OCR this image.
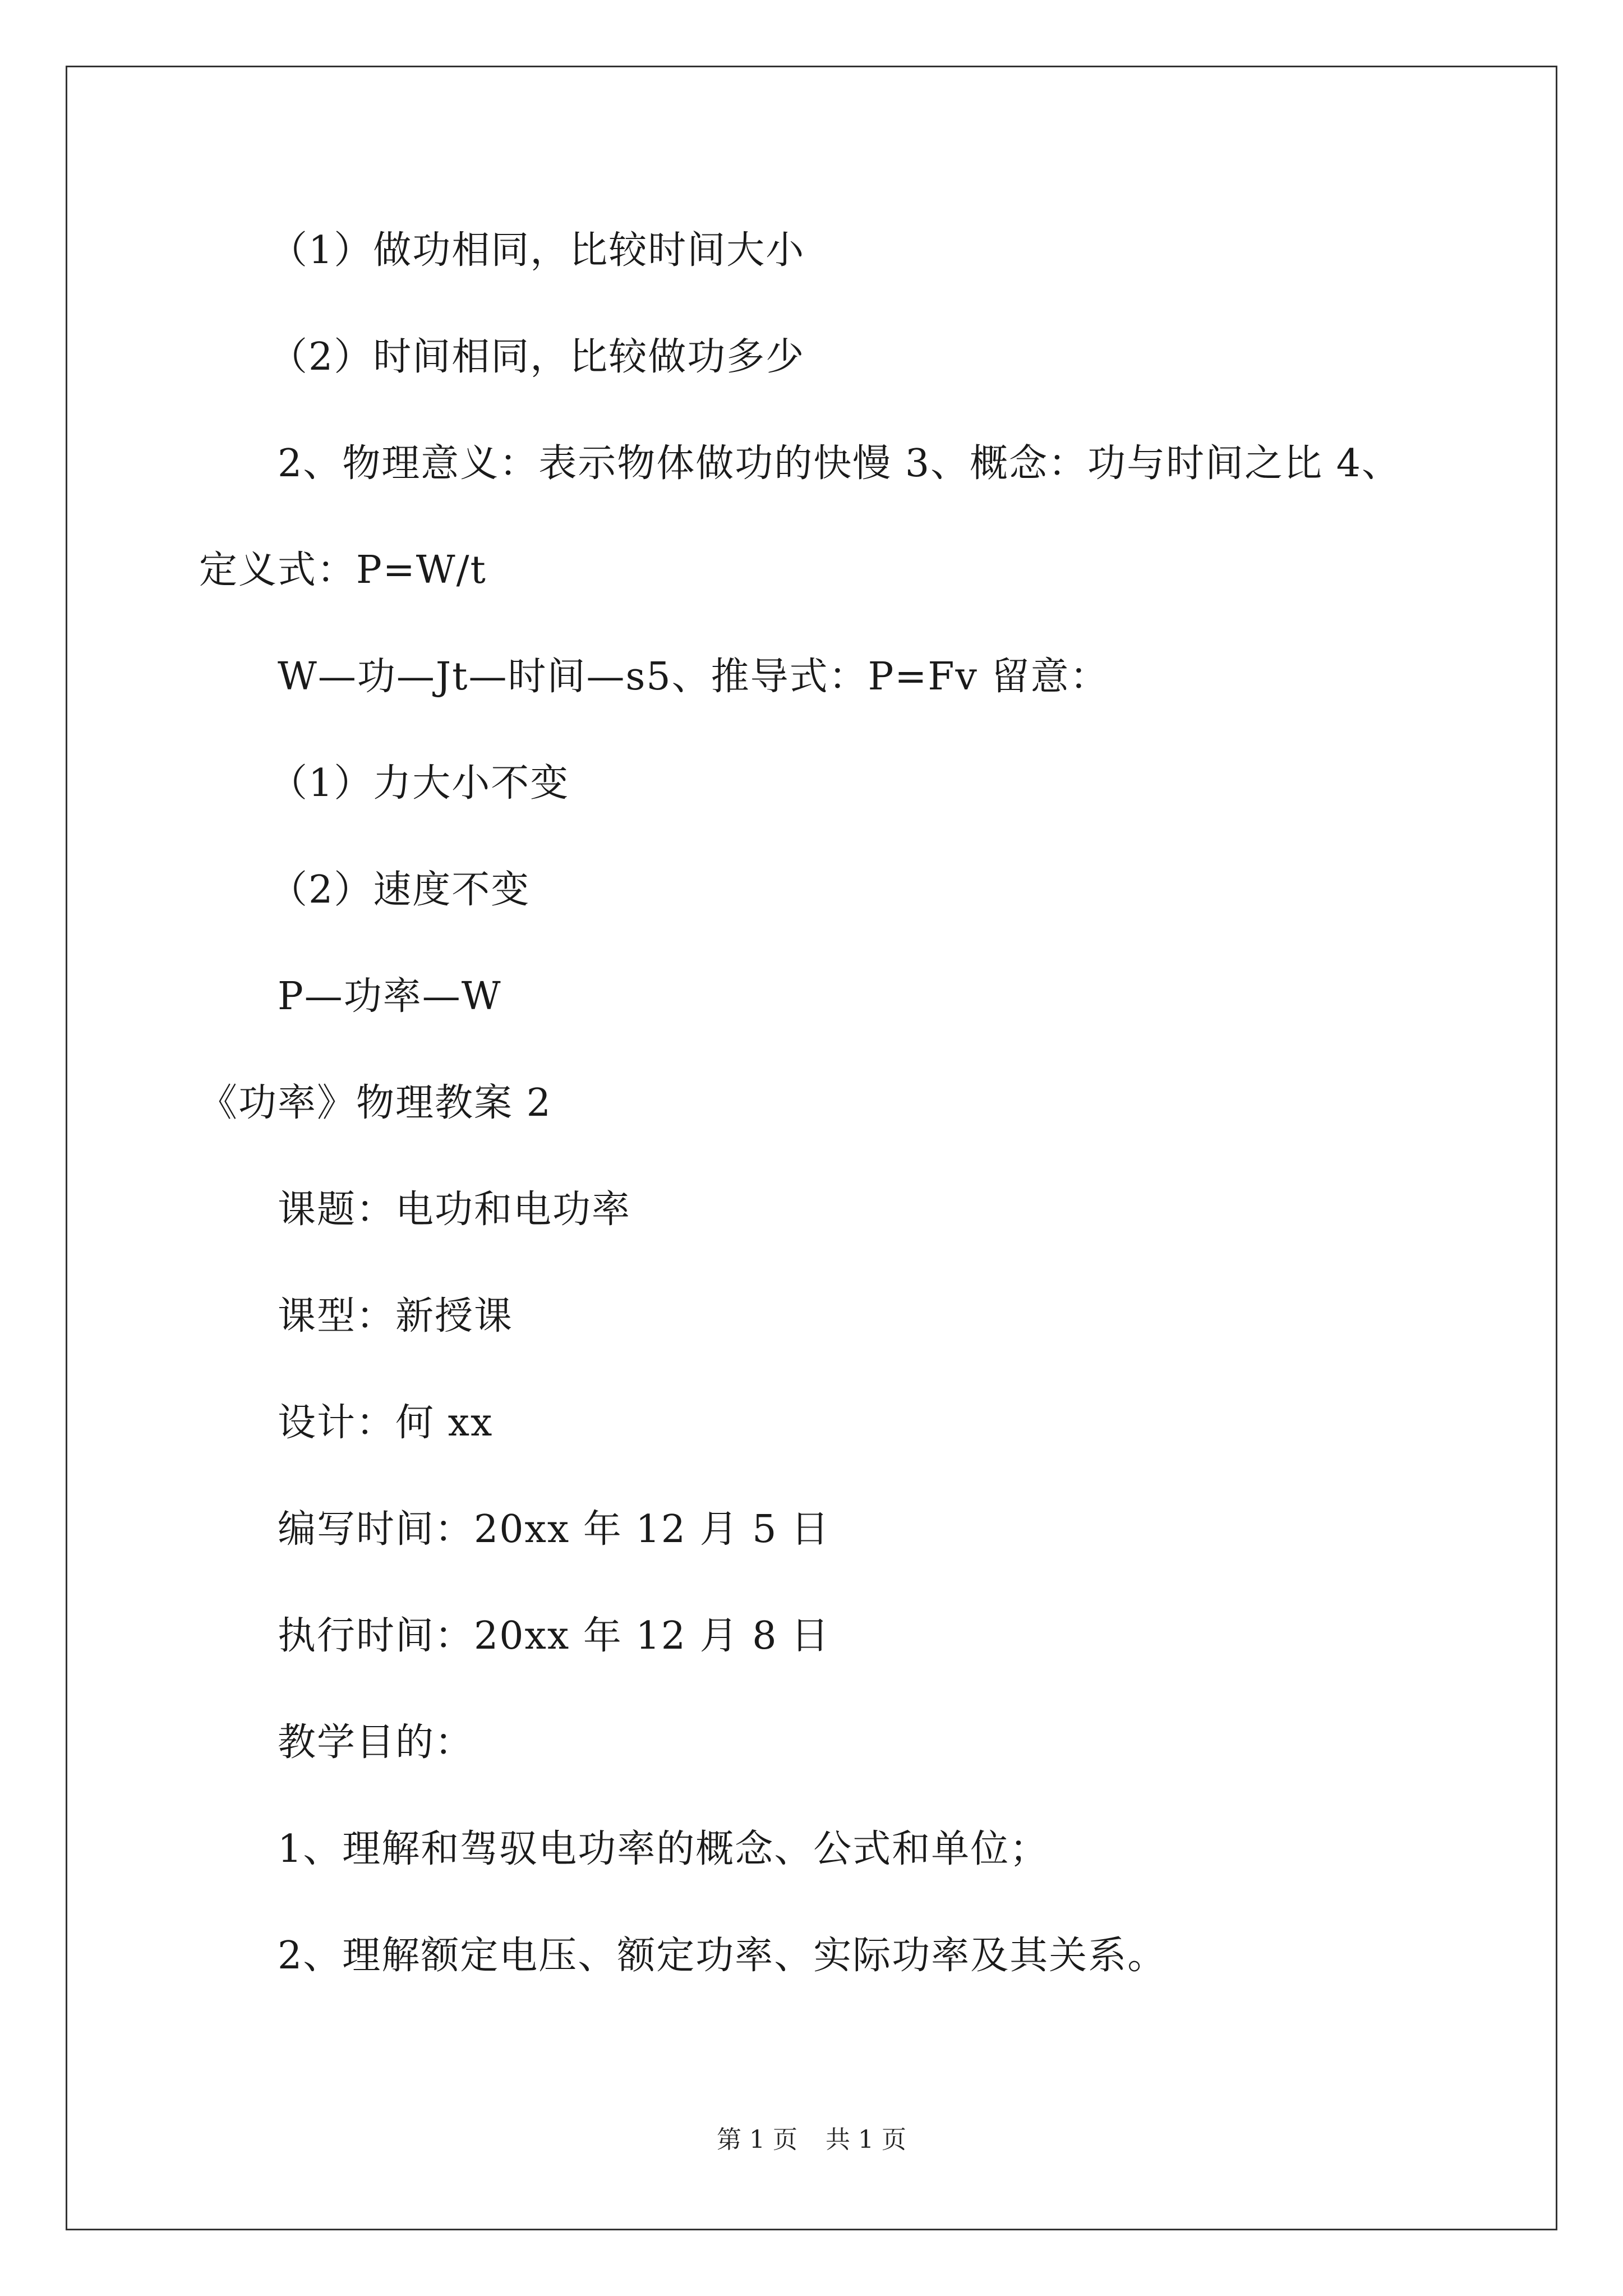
（1）做功相同，比较时间大小
（2）时间相同，比较做功多少
2、物理意义：表示物体做功的快慢 3、概念：功与时间之比 4、
定义式：P=W/t
W—功—Jt—时间—s5、推导式：P=Fv 留意：
（1）力大小不变
（2）速度不变
P—功率—W
《功率》物理教案 2
课题：电功和电功率
课型：新授课
设计：何 xx
编写时间：20xx 年 12 月 5 日
执行时间：20xx 年 12 月 8 日
教学目的：
1、理解和驾驭电功率的概念、公式和单位；
2、理解额定电压、额定功率、实际功率及其关系。
第 1 页 共 1 页
